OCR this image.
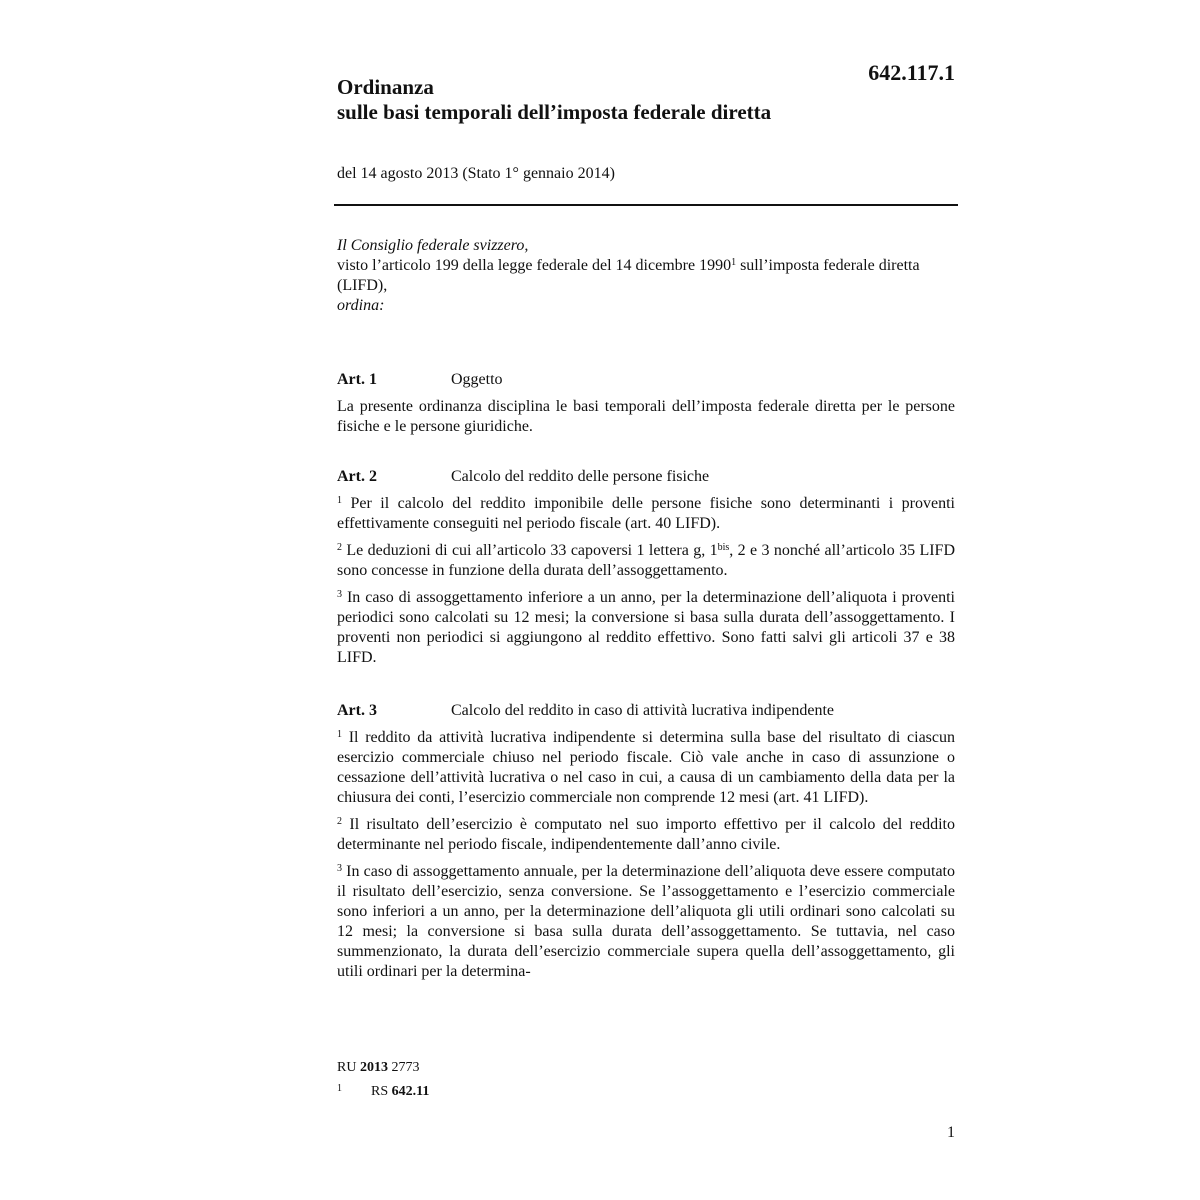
642.117.1
Ordinanza
sulle basi temporali dellʼimposta federale diretta
del 14 agosto 2013 (Stato 1° gennaio 2014)
Il Consiglio federale svizzero,
visto l’articolo 199 della legge federale del 14 dicembre 1990$^1$ sull’imposta federale diretta (LIFD),
ordina:
Art. 1	Oggetto

La presente ordinanza disciplina le basi temporali dell’imposta federale diretta per le persone fisiche e le persone giuridiche.

Art. 2	Calcolo del reddito delle persone fisiche

$^1$ Per il calcolo del reddito imponibile delle persone fisiche sono determinanti i proventi effettivamente conseguiti nel periodo fiscale (art. 40 LIFD).

$^2$ Le deduzioni di cui all’articolo 33 capoversi 1 lettera g, $1^{bis}$, 2 e 3 nonché all’articolo 35 LIFD sono concesse in funzione della durata dell’assoggettamento.

$^3$ In caso di assoggettamento inferiore a un anno, per la determinazione dell’aliquota i proventi periodici sono calcolati su 12 mesi; la conversione si basa sulla durata dell’assoggettamento. I proventi non periodici si aggiungono al reddito effettivo. Sono fatti salvi gli articoli 37 e 38 LIFD.

Art. 3	Calcolo del reddito in caso di attività lucrativa indipendente

$^1$ Il reddito da attività lucrativa indipendente si determina sulla base del risultato di ciascun esercizio commerciale chiuso nel periodo fiscale. Ciò vale anche in caso di assunzione o cessazione dell’attività lucrativa o nel caso in cui, a causa di un cambiamento della data per la chiusura dei conti, l’esercizio commerciale non comprende 12 mesi (art. 41 LIFD).

$^2$ Il risultato dell’esercizio è computato nel suo importo effettivo per il calcolo del reddito determinante nel periodo fiscale, indipendentemente dall’anno civile.

$^3$ In caso di assoggettamento annuale, per la determinazione dell’aliquota deve essere computato il risultato dell’esercizio, senza conversione. Se l’assoggettamento e l’esercizio commerciale sono inferiori a un anno, per la determinazione dell’aliquota gli utili ordinari sono calcolati su 12 mesi; la conversione si basa sulla durata dell’assoggettamento. Se tuttavia, nel caso summenzionato, la durata dell’esercizio commerciale supera quella dell’assoggettamento, gli utili ordinari per la determina-

RU 2013 2773
1 RS 642.11
1
